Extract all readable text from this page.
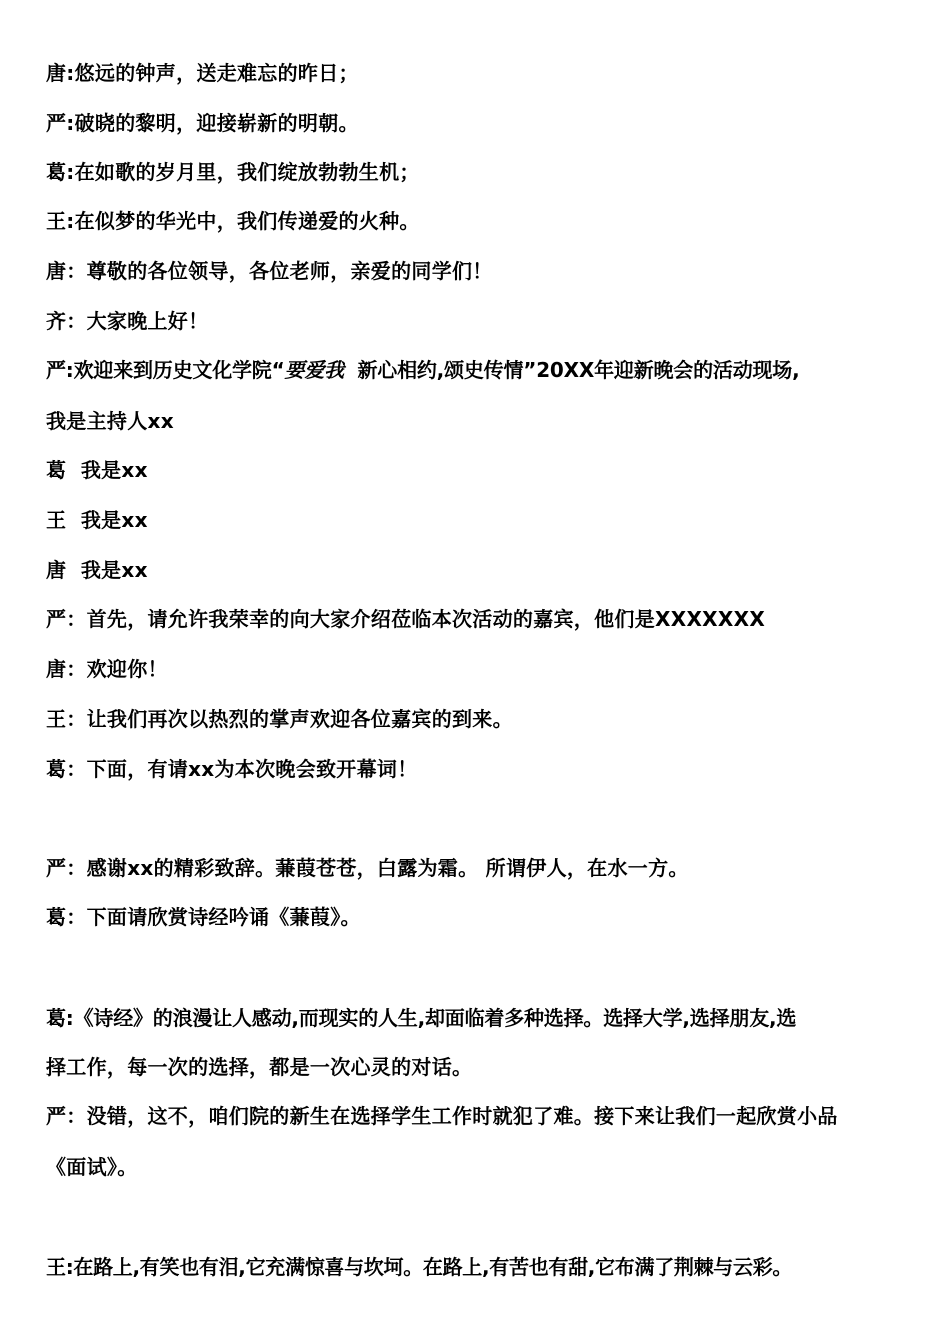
唐:悠远的钟声，送走难忘的昨日；
严:破晓的黎明，迎接崭新的明朝。
葛:在如歌的岁月里，我们绽放勃勃生机；
王:在似梦的华光中，我们传递爱的火种。
唐：尊敬的各位领导，各位老师，亲爱的同学们！
齐：大家晚上好！
严:欢迎来到历史文化学院“要爱我  新心相约,颂史传情”20XX年迎新晚会的活动现场,
我是主持人xx
葛  我是xx
王  我是xx
唐  我是xx
严：首先，请允许我荣幸的向大家介绍莅临本次活动的嘉宾，他们是XXXXXXX
唐：欢迎你！
王：让我们再次以热烈的掌声欢迎各位嘉宾的到来。
葛：下面，有请xx为本次晚会致开幕词！
严：感谢xx的精彩致辞。蒹葭苍苍，白露为霜。 所谓伊人，在水一方。
葛：下面请欣赏诗经吟诵《蒹葭》。
葛:《诗经》的浪漫让人感动,而现实的人生,却面临着多种选择。选择大学,选择朋友,选
择工作，每一次的选择，都是一次心灵的对话。
严：没错，这不，咱们院的新生在选择学生工作时就犯了难。接下来让我们一起欣赏小品
《面试》。
王:在路上,有笑也有泪,它充满惊喜与坎坷。在路上,有苦也有甜,它布满了荆棘与云彩。
